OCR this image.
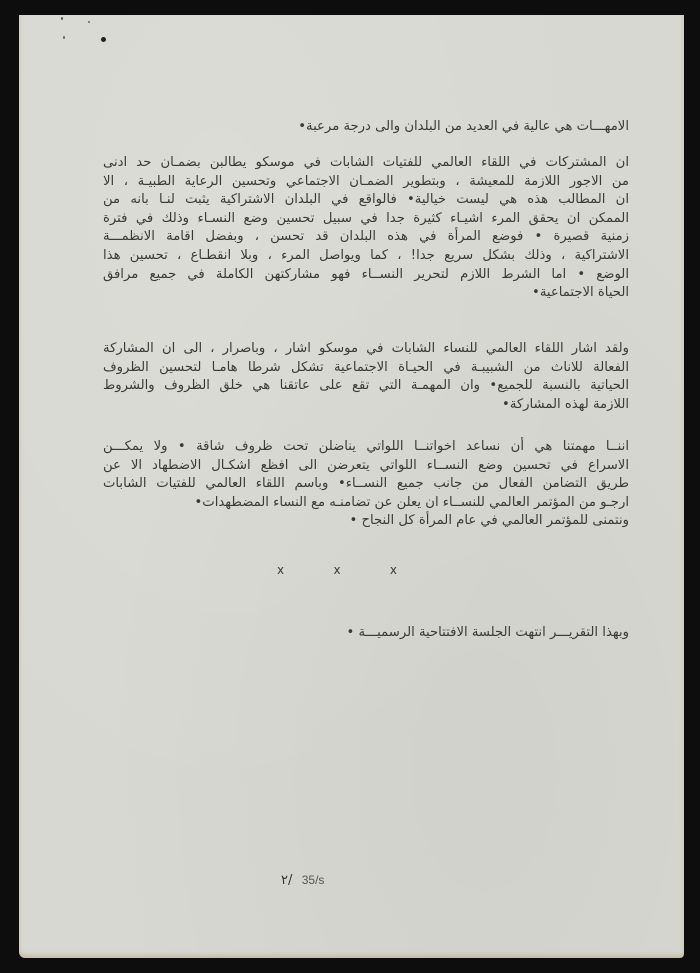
الامهـــات هي عالية في العديد من البلدان والى درجة مرعبة•
ان المشتركات في اللقاء العالمي للفتيات الشابات في موسكو يطالبن بضمـان حد ادنى
من الاجور اللازمة للمعيشة ، وبتطوير الضمـان الاجتماعي وتحسين الرعاية الطبيـة ، الا
ان المطالب هذه هي ليست خيالية• فالواقع في البلدان الاشتراكية يثبت لنـا بانه من
الممكن ان يحقق المرء اشيـاء كثيرة جدا في سبيل تحسين وضع النسـاء وذلك في فترة
زمنية قصيرة • فوضع المرأة في هذه البلدان قد تحسن ، وبفضل اقامة الانظمـــة
الاشتراكية ، وذلك بشكل سريع جدا! ، كما ويواصل المرء ، وبلا انقطـاع ، تحسين هذا
الوضع • اما الشرط اللازم لتحرير النســاء فهو مشاركتهن الكاملة في جميع مرافق
الحياة الاجتماعية•
ولقد اشار اللقاء العالمي للنساء الشابات في موسكو اشار ، وباصرار ، الى ان المشاركة
الفعالة للاناث من الشبيبـة في الحيـاة الاجتماعية تشكل شرطا هامـا لتحسين الظروف
الحياتية بالنسبة للجميع• وان المهمـة التي تقع على عاتقنا هي خلق الظروف والشروط
اللازمة لهذه المشاركة•
اننــا مهمتنا هي أن نساعد اخواتنــا اللواتي يناضلن تحت ظروف شاقة • ولا يمكـــن
الاسراع في تحسين وضع النســاء اللواتي يتعرضن الى افظع اشكـال الاضطهاد الا عن
طريق التضامن الفعال من جانب جميع النســاء• وباسم اللقاء العالمي للفتيات الشابات
ارجـو من المؤتمر العالمي للنســاء ان يعلن عن تضامنـه مع النساء المضطهدات•
ونتمنى للمؤتمر العالمي في عام المرأة كل النجاح •
x	x	x
وبهذا التقريـــر انتهت الجلسة الافتتاحية الرسميـــة •
٢/ 35/s
